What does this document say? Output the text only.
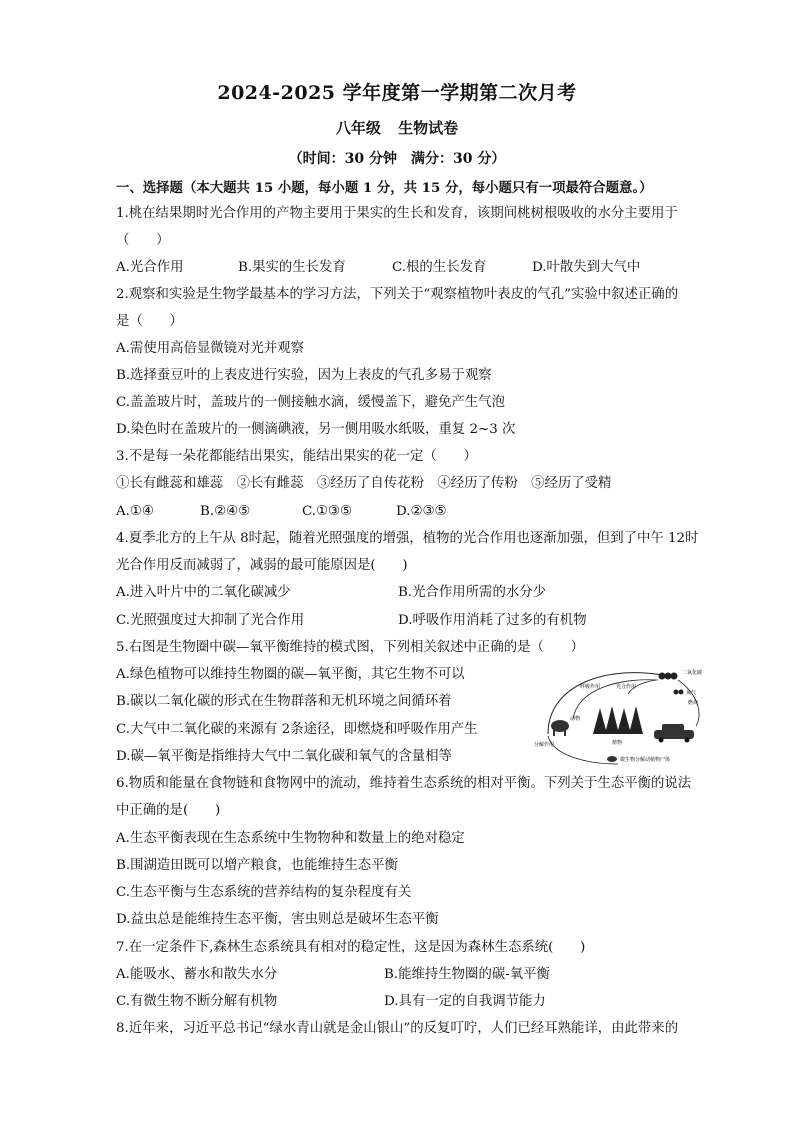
2024-2025 学年度第一学期第二次月考
八年级 生物试卷
（时间：30 分钟　满分：30 分）
一、选择题（本大题共 15 小题，每小题 1 分，共 15 分，每小题只有一项最符合题意。）
1.桃在结果期时光合作用的产物主要用于果实的生长和发育，该期间桃树根吸收的水分主要用于
（　　）
A.光合作用	B.果实的生长发育	C.根的生长发育	D.叶散失到大气中
2.观察和实验是生物学最基本的学习方法，下列关于“观察植物叶表皮的气孔”实验中叙述正确的
是（　　）
A.需使用高倍显微镜对光并观察
B.选择蚕豆叶的上表皮进行实验，因为上表皮的气孔多易于观察
C.盖盖玻片时，盖玻片的一侧接触水滴，缓慢盖下，避免产生气泡
D.染色时在盖玻片的一侧滴碘液，另一侧用吸水纸吸，重复 2~3 次
3.不是每一朵花都能结出果实，能结出果实的花一定（　　）
①长有雌蕊和雄蕊　②长有雌蕊　③经历了自传花粉　④经历了传粉　⑤经历了受精
A.①④	B.②④⑤	C.①③⑤	D.②③⑤
4.夏季北方的上午从 8时起，随着光照强度的增强，植物的光合作用也逐渐加强，但到了中午 12时
光合作用反而减弱了，减弱的最可能原因是(　　)
A.进入叶片中的二氧化碳减少	B.光合作用所需的水分少
C.光照强度过大抑制了光合作用	D.呼吸作用消耗了过多的有机物
5.右图是生物圈中碳—氧平衡维持的模式图，下列相关叙述中正确的是（　　）
A.绿色植物可以维持生物圈的碳—氧平衡，其它生物不可以
B.碳以二氧化碳的形式在生物群落和无机环境之间循环着
C.大气中二氧化碳的来源有 2条途径，即燃烧和呼吸作用产生
D.碳—氧平衡是指维持大气中二氧化碳和氧气的含量相等
二氧化碳
氧气
呼吸作用	光合作用
燃烧
动物
植物
分解作用
微生物分解动植物尸体
6.物质和能量在食物链和食物网中的流动，维持着生态系统的相对平衡。下列关于生态平衡的说法
中正确的是(　　)
A.生态平衡表现在生态系统中生物物种和数量上的绝对稳定
B.围湖造田既可以增产粮食，也能维持生态平衡
C.生态平衡与生态系统的营养结构的复杂程度有关
D.益虫总是能维持生态平衡，害虫则总是破坏生态平衡
7.在一定条件下,森林生态系统具有相对的稳定性，这是因为森林生态系统(　　)
A.能吸水、蓄水和散失水分	B.能维持生物圈的碳-氧平衡
C.有微生物不断分解有机物	D.具有一定的自我调节能力
8.近年来，习近平总书记“绿水青山就是金山银山”的反复叮咛，人们已经耳熟能详，由此带来的
